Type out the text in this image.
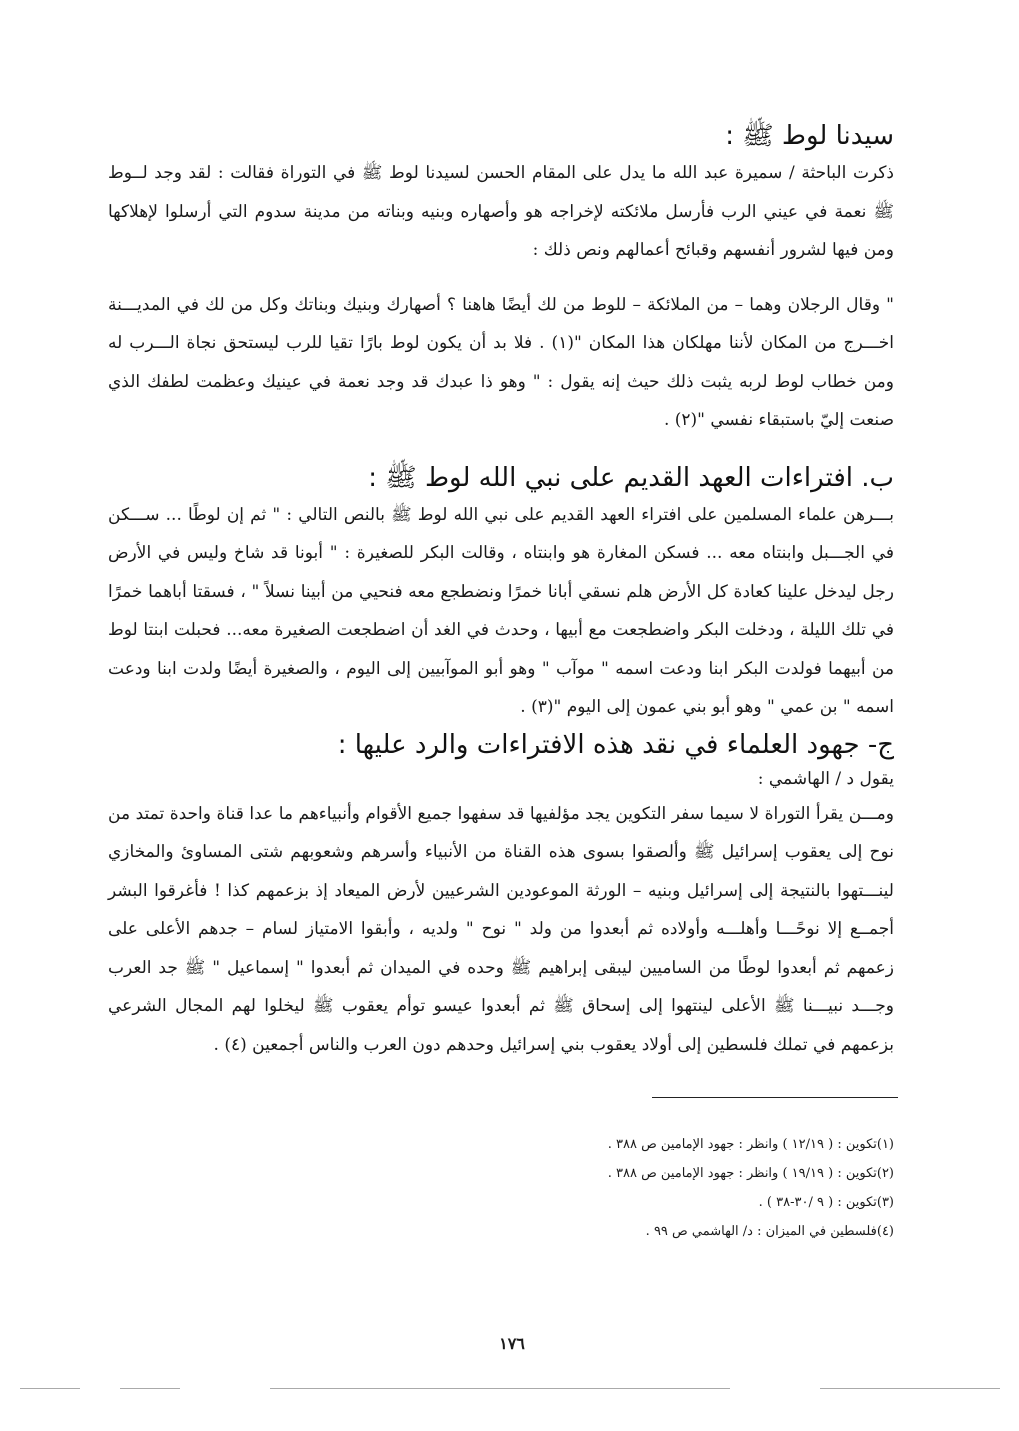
سيدنا لوط ﷺ :

ذكرت الباحثة / سميرة عبد الله ما يدل على المقام الحسن لسيدنا لوط ﷺ في التوراة فقالت : لقد وجد لــوط ﷺ نعمة في عيني الرب فأرسل ملائكته لإخراجه هو وأصهاره وبنيه وبناته من مدينة سدوم التي أرسلوا لإهلاكها ومن فيها لشرور أنفسهم وقبائح أعمالهم ونص ذلك :

" وقال الرجلان وهما – من الملائكة – للوط من لك أيضًا هاهنا ؟ أصهارك وبنيك وبناتك وكل من لك في المديـــنة اخـــرج من المكان لأننا مهلكان هذا المكان "(١) . فلا بد أن يكون لوط بارًا تقيا للرب ليستحق نجاة الـــرب له ومن خطاب لوط لربه يثبت ذلك حيث إنه يقول : " وهو ذا عبدك قد وجد نعمة في عينيك وعظمت لطفك الذي صنعت إليّ باستبقاء نفسي "(٢) .

ب. افتراءات العهد القديم على نبي الله لوط ﷺ :

بـــرهن علماء المسلمين على افتراء العهد القديم على نبي الله لوط ﷺ بالنص التالي : " ثم إن لوطًا ... ســـكن في الجـــبل وابنتاه معه ... فسكن المغارة هو وابنتاه ، وقالت البكر للصغيرة : " أبونا قد شاخ وليس في الأرض رجل ليدخل علينا كعادة كل الأرض هلم نسقي أبانا خمرًا ونضطجع معه فنحيي من أبينا نسلاً " ، فسقتا أباهما خمرًا في تلك الليلة ، ودخلت البكر واضطجعت مع أبيها ، وحدث في الغد أن اضطجعت الصغيرة معه... فحبلت ابنتا لوط من أبيهما فولدت البكر ابنا ودعت اسمه " موآب " وهو أبو الموآبيين إلى اليوم ، والصغيرة أيضًا ولدت ابنا ودعت اسمه " بن عمي " وهو أبو بني عمون إلى اليوم "(٣) .

ج- جهود العلماء في نقد هذه الافتراءات والرد عليها :

يقول د / الهاشمي :

ومـــن يقرأ التوراة لا سيما سفر التكوين يجد مؤلفيها قد سفهوا جميع الأقوام وأنبياءهم ما عدا قناة واحدة تمتد من نوح إلى يعقوب إسرائيل ﷺ وألصقوا بسوى هذه القناة من الأنبياء وأسرهم وشعوبهم شتى المساوئ والمخازي لينـــتهوا بالنتيجة إلى إسرائيل وبنيه – الورثة الموعودين الشرعيين لأرض الميعاد إذ بزعمهم كذا ! فأغرقوا البشر أجمــع إلا نوحًـــا وأهلـــه وأولاده ثم أبعدوا من ولد " نوح " ولديه ، وأبقوا الامتياز لسام – جدهم الأعلى على زعمهم ثم أبعدوا لوطًا من الساميين ليبقى إبراهيم ﷺ وحده في الميدان ثم أبعدوا " إسماعيل " ﷺ جد العرب وجـــد نبيـــنا ﷺ الأعلى لينتهوا إلى إسحاق ﷺ ثم أبعدوا عيسو توأم يعقوب ﷺ ليخلوا لهم المجال الشرعي بزعمهم في تملك فلسطين إلى أولاد يعقوب بني إسرائيل وحدهم دون العرب والناس أجمعين (٤) .

(١)تكوين : ( ١٢/١٩ ) وانظر : جهود الإمامين ص ٣٨٨ .
(٢)تكوين : ( ١٩/١٩ ) وانظر : جهود الإمامين ص ٣٨٨ .
(٣)تكوين : ( ٩ /٣٠-٣٨ ) .
(٤)فلسطين في الميزان : د/ الهاشمي ص ٩٩ .
١٧٦
